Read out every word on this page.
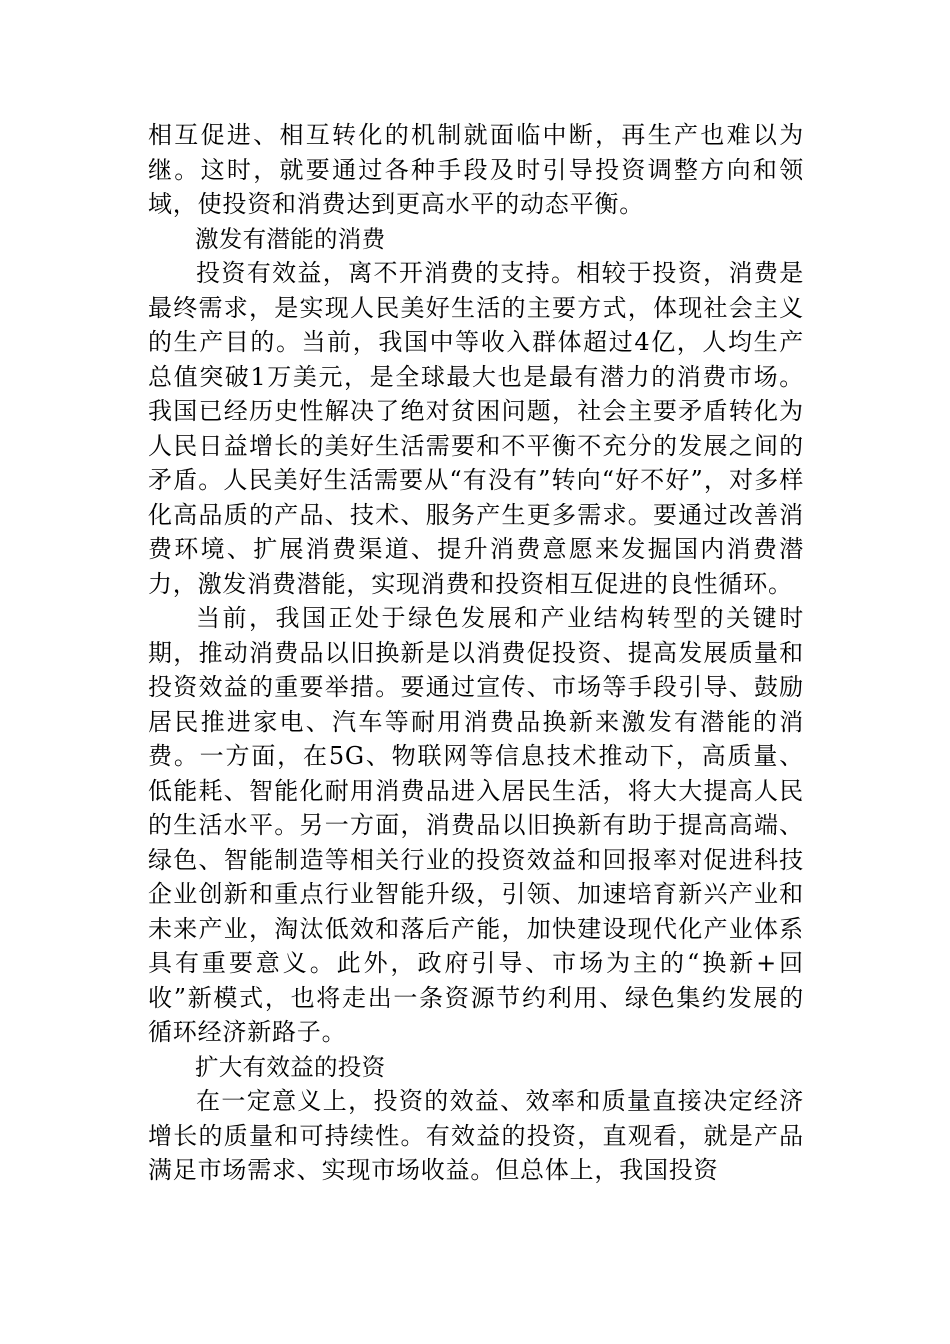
相互促进、相互转化的机制就面临中断，再生产也难以为继。这时，就要通过各种手段及时引导投资调整方向和领域，使投资和消费达到更高水平的动态平衡。

激发有潜能的消费

投资有效益，离不开消费的支持。相较于投资，消费是最终需求，是实现人民美好生活的主要方式，体现社会主义的生产目的。当前，我国中等收入群体超过4亿，人均生产总值突破1万美元，是全球最大也是最有潜力的消费市场。我国已经历史性解决了绝对贫困问题，社会主要矛盾转化为人民日益增长的美好生活需要和不平衡不充分的发展之间的矛盾。人民美好生活需要从“有没有”转向“好不好”，对多样化高品质的产品、技术、服务产生更多需求。要通过改善消费环境、扩展消费渠道、提升消费意愿来发掘国内消费潜力，激发消费潜能，实现消费和投资相互促进的良性循环。

当前，我国正处于绿色发展和产业结构转型的关键时期，推动消费品以旧换新是以消费促投资、提高发展质量和投资效益的重要举措。要通过宣传、市场等手段引导、鼓励居民推进家电、汽车等耐用消费品换新来激发有潜能的消费。一方面，在5G、物联网等信息技术推动下，高质量、低能耗、智能化耐用消费品进入居民生活，将大大提高人民的生活水平。另一方面，消费品以旧换新有助于提高高端、绿色、智能制造等相关行业的投资效益和回报率对促进科技企业创新和重点行业智能升级，引领、加速培育新兴产业和未来产业，淘汰低效和落后产能，加快建设现代化产业体系具有重要意义。此外，政府引导、市场为主的“换新+回收”新模式，也将走出一条资源节约利用、绿色集约发展的循环经济新路子。

扩大有效益的投资

在一定意义上，投资的效益、效率和质量直接决定经济增长的质量和可持续性。有效益的投资，直观看，就是产品满足市场需求、实现市场收益。但总体上，我国投资
